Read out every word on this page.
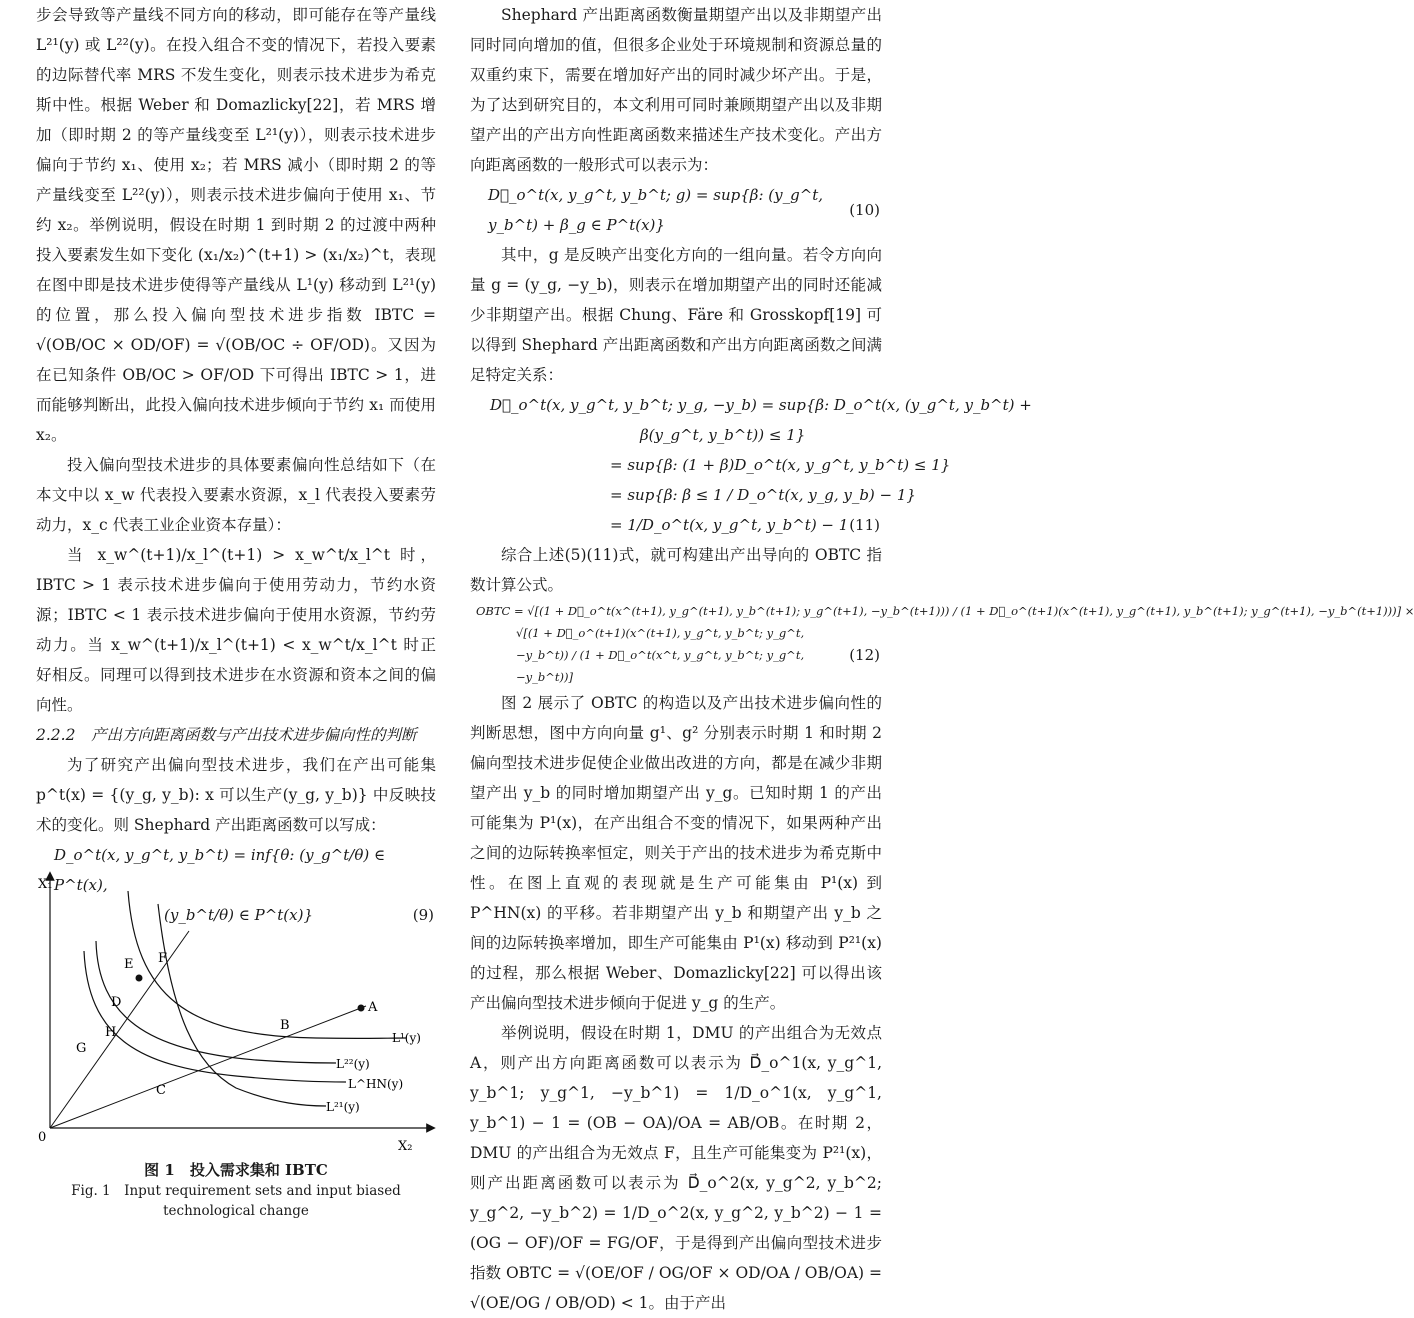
步会导致等产量线不同方向的移动，即可能存在等产量线 L²¹(y) 或 L²²(y)。在投入组合不变的情况下，若投入要素的边际替代率 MRS 不发生变化，则表示技术进步为希克斯中性。根据 Weber 和 Domazlicky[22]，若 MRS 增加（即时期 2 的等产量线变至 L²¹(y)），则表示技术进步偏向于节约 x₁、使用 x₂；若 MRS 减小（即时期 2 的等产量线变至 L²²(y)），则表示技术进步偏向于使用 x₁、节约 x₂。举例说明，假设在时期 1 到时期 2 的过渡中两种投入要素发生如下变化 (x₁/x₂)^(t+1) > (x₁/x₂)^t，表现在图中即是技术进步使得等产量线从 L¹(y) 移动到 L²¹(y) 的位置，那么投入偏向型技术进步指数 IBTC = √(OB/OC × OD/OF) = √(OB/OC ÷ OF/OD)。又因为在已知条件 OB/OC > OF/OD 下可得出 IBTC > 1，进而能够判断出，此投入偏向技术进步倾向于节约 x₁ 而使用 x₂。

投入偏向型技术进步的具体要素偏向性总结如下（在本文中以 x_w 代表投入要素水资源，x_l 代表投入要素劳动力，x_c 代表工业企业资本存量）：

当 x_w^(t+1)/x_l^(t+1) > x_w^t/x_l^t 时，IBTC > 1 表示技术进步偏向于使用劳动力，节约水资源；IBTC < 1 表示技术进步偏向于使用水资源，节约劳动力。当 x_w^(t+1)/x_l^(t+1) < x_w^t/x_l^t 时正好相反。同理可以得到技术进步在水资源和资本之间的偏向性。

2.2.2　产出方向距离函数与产出技术进步偏向性的判断

为了研究产出偏向型技术进步，我们在产出可能集 p^t(x) = {(y_g, y_b): x 可以生产(y_g, y_b)} 中反映技术的变化。则 Shephard 产出距离函数可以写成：

D_o^t(x, y_g^t, y_b^t) = inf{θ: (y_g^t/θ) ∈ P^t(x),
(y_b^t/θ) ∈ P^t(x)}	(9)
X₁
X₂
0
A
B
C
D
E F
G
H	L¹(y)
L²²(y)
L^HN(y)
L²¹(y)
图 1　投入需求集和 IBTC
Fig. 1　Input requirement sets and input biased
technological change

Shephard 产出距离函数衡量期望产出以及非期望产出同时同向增加的值，但很多企业处于环境规制和资源总量的双重约束下，需要在增加好产出的同时减少坏产出。于是，为了达到研究目的，本文利用可同时兼顾期望产出以及非期望产出的产出方向性距离函数来描述生产技术变化。产出方向距离函数的一般形式可以表示为：

D⃗_o^t(x, y_g^t, y_b^t; g) = sup{β: (y_g^t, y_b^t) + β_g ∈ P^t(x)}
(10)

其中，g 是反映产出变化方向的一组向量。若令方向向量 g = (y_g, −y_b)，则表示在增加期望产出的同时还能减少非期望产出。根据 Chung、Färe 和 Grosskopf[19] 可以得到 Shephard 产出距离函数和产出方向距离函数之间满足特定关系：

D⃗_o^t(x, y_g^t, y_b^t; y_g, −y_b) = sup{β: D_o^t(x, (y_g^t, y_b^t) +
β(y_g^t, y_b^t)) ≤ 1}
= sup{β: (1 + β)D_o^t(x, y_g^t, y_b^t) ≤ 1}
= sup{β: β ≤ 1 / D_o^t(x, y_g, y_b) − 1}
= 1/D_o^t(x, y_g^t, y_b^t) − 1 (11)

综合上述(5)(11)式，就可构建出产出导向的 OBTC 指数计算公式。

OBTC = √[(1 + D⃗_o^t(x^(t+1), y_g^(t+1), y_b^(t+1); y_g^(t+1), −y_b^(t+1))) / (1 + D⃗_o^(t+1)(x^(t+1), y_g^(t+1), y_b^(t+1); y_g^(t+1), −y_b^(t+1)))] ×
√[(1 + D⃗_o^(t+1)(x^(t+1), y_g^t, y_b^t; y_g^t, −y_b^t)) / (1 + D⃗_o^t(x^t, y_g^t, y_b^t; y_g^t, −y_b^t))]
(12)

图 2 展示了 OBTC 的构造以及产出技术进步偏向性的判断思想，图中方向向量 g¹、g² 分别表示时期 1 和时期 2 偏向型技术进步促使企业做出改进的方向，都是在减少非期望产出 y_b 的同时增加期望产出 y_g。已知时期 1 的产出可能集为 P¹(x)，在产出组合不变的情况下，如果两种产出之间的边际转换率恒定，则关于产出的技术进步为希克斯中性。在图上直观的表现就是生产可能集由 P¹(x) 到 P^HN(x) 的平移。若非期望产出 y_b 和期望产出 y_b 之间的边际转换率增加，即生产可能集由 P¹(x) 移动到 P²¹(x) 的过程，那么根据 Weber、Domazlicky[22] 可以得出该产出偏向型技术进步倾向于促进 y_g 的生产。

举例说明，假设在时期 1，DMU 的产出组合为无效点 A，则产出方向距离函数可以表示为 D⃗_o^1(x, y_g^1, y_b^1; y_g^1, −y_b^1) = 1/D_o^1(x, y_g^1, y_b^1) − 1 = (OB − OA)/OA = AB/OB。在时期 2，DMU 的产出组合为无效点 F，且生产可能集变为 P²¹(x)，则产出距离函数可以表示为 D⃗_o^2(x, y_g^2, y_b^2; y_g^2, −y_b^2) = 1/D_o^2(x, y_g^2, y_b^2) − 1 = (OG − OF)/OF = FG/OF，于是得到产出偏向型技术进步指数 OBTC = √(OE/OF / OG/OF × OD/OA / OB/OA) = √(OE/OG / OB/OD) < 1。由于产出
